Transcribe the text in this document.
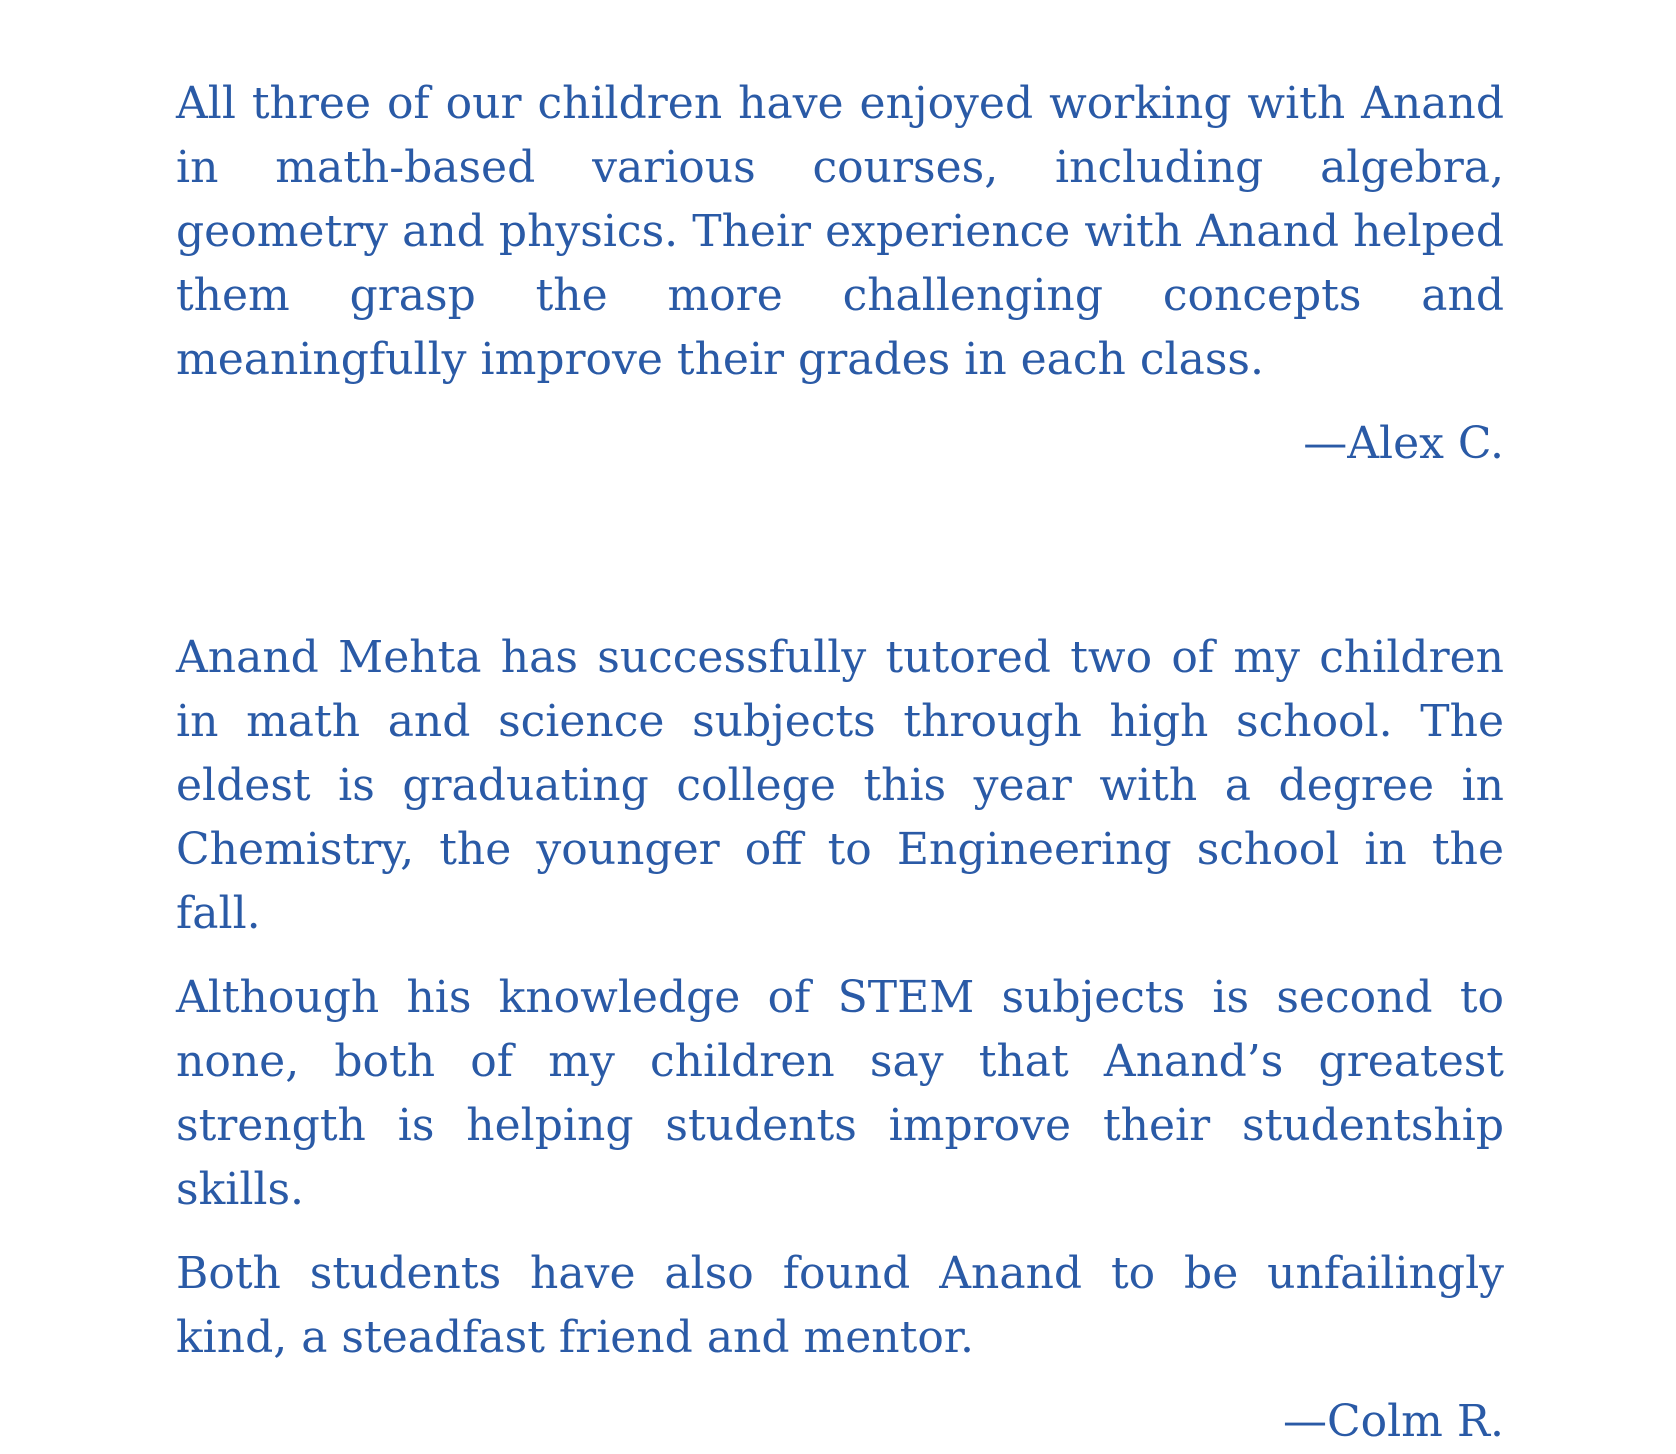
All three of our children have enjoyed working with Anand in math-based various courses, including algebra, geometry and physics. Their experience with Anand helped them grasp the more challenging concepts and meaningfully improve their grades in each class.

—Alex C.

Anand Mehta has successfully tutored two of my children in math and science subjects through high school. The eldest is graduating college this year with a degree in Chemistry, the younger off to Engineering school in the fall.

Although his knowledge of STEM subjects is second to none, both of my children say that Anand’s greatest strength is helping students improve their studentship skills.

Both students have also found Anand to be unfailingly kind, a steadfast friend and mentor.

—Colm R.
